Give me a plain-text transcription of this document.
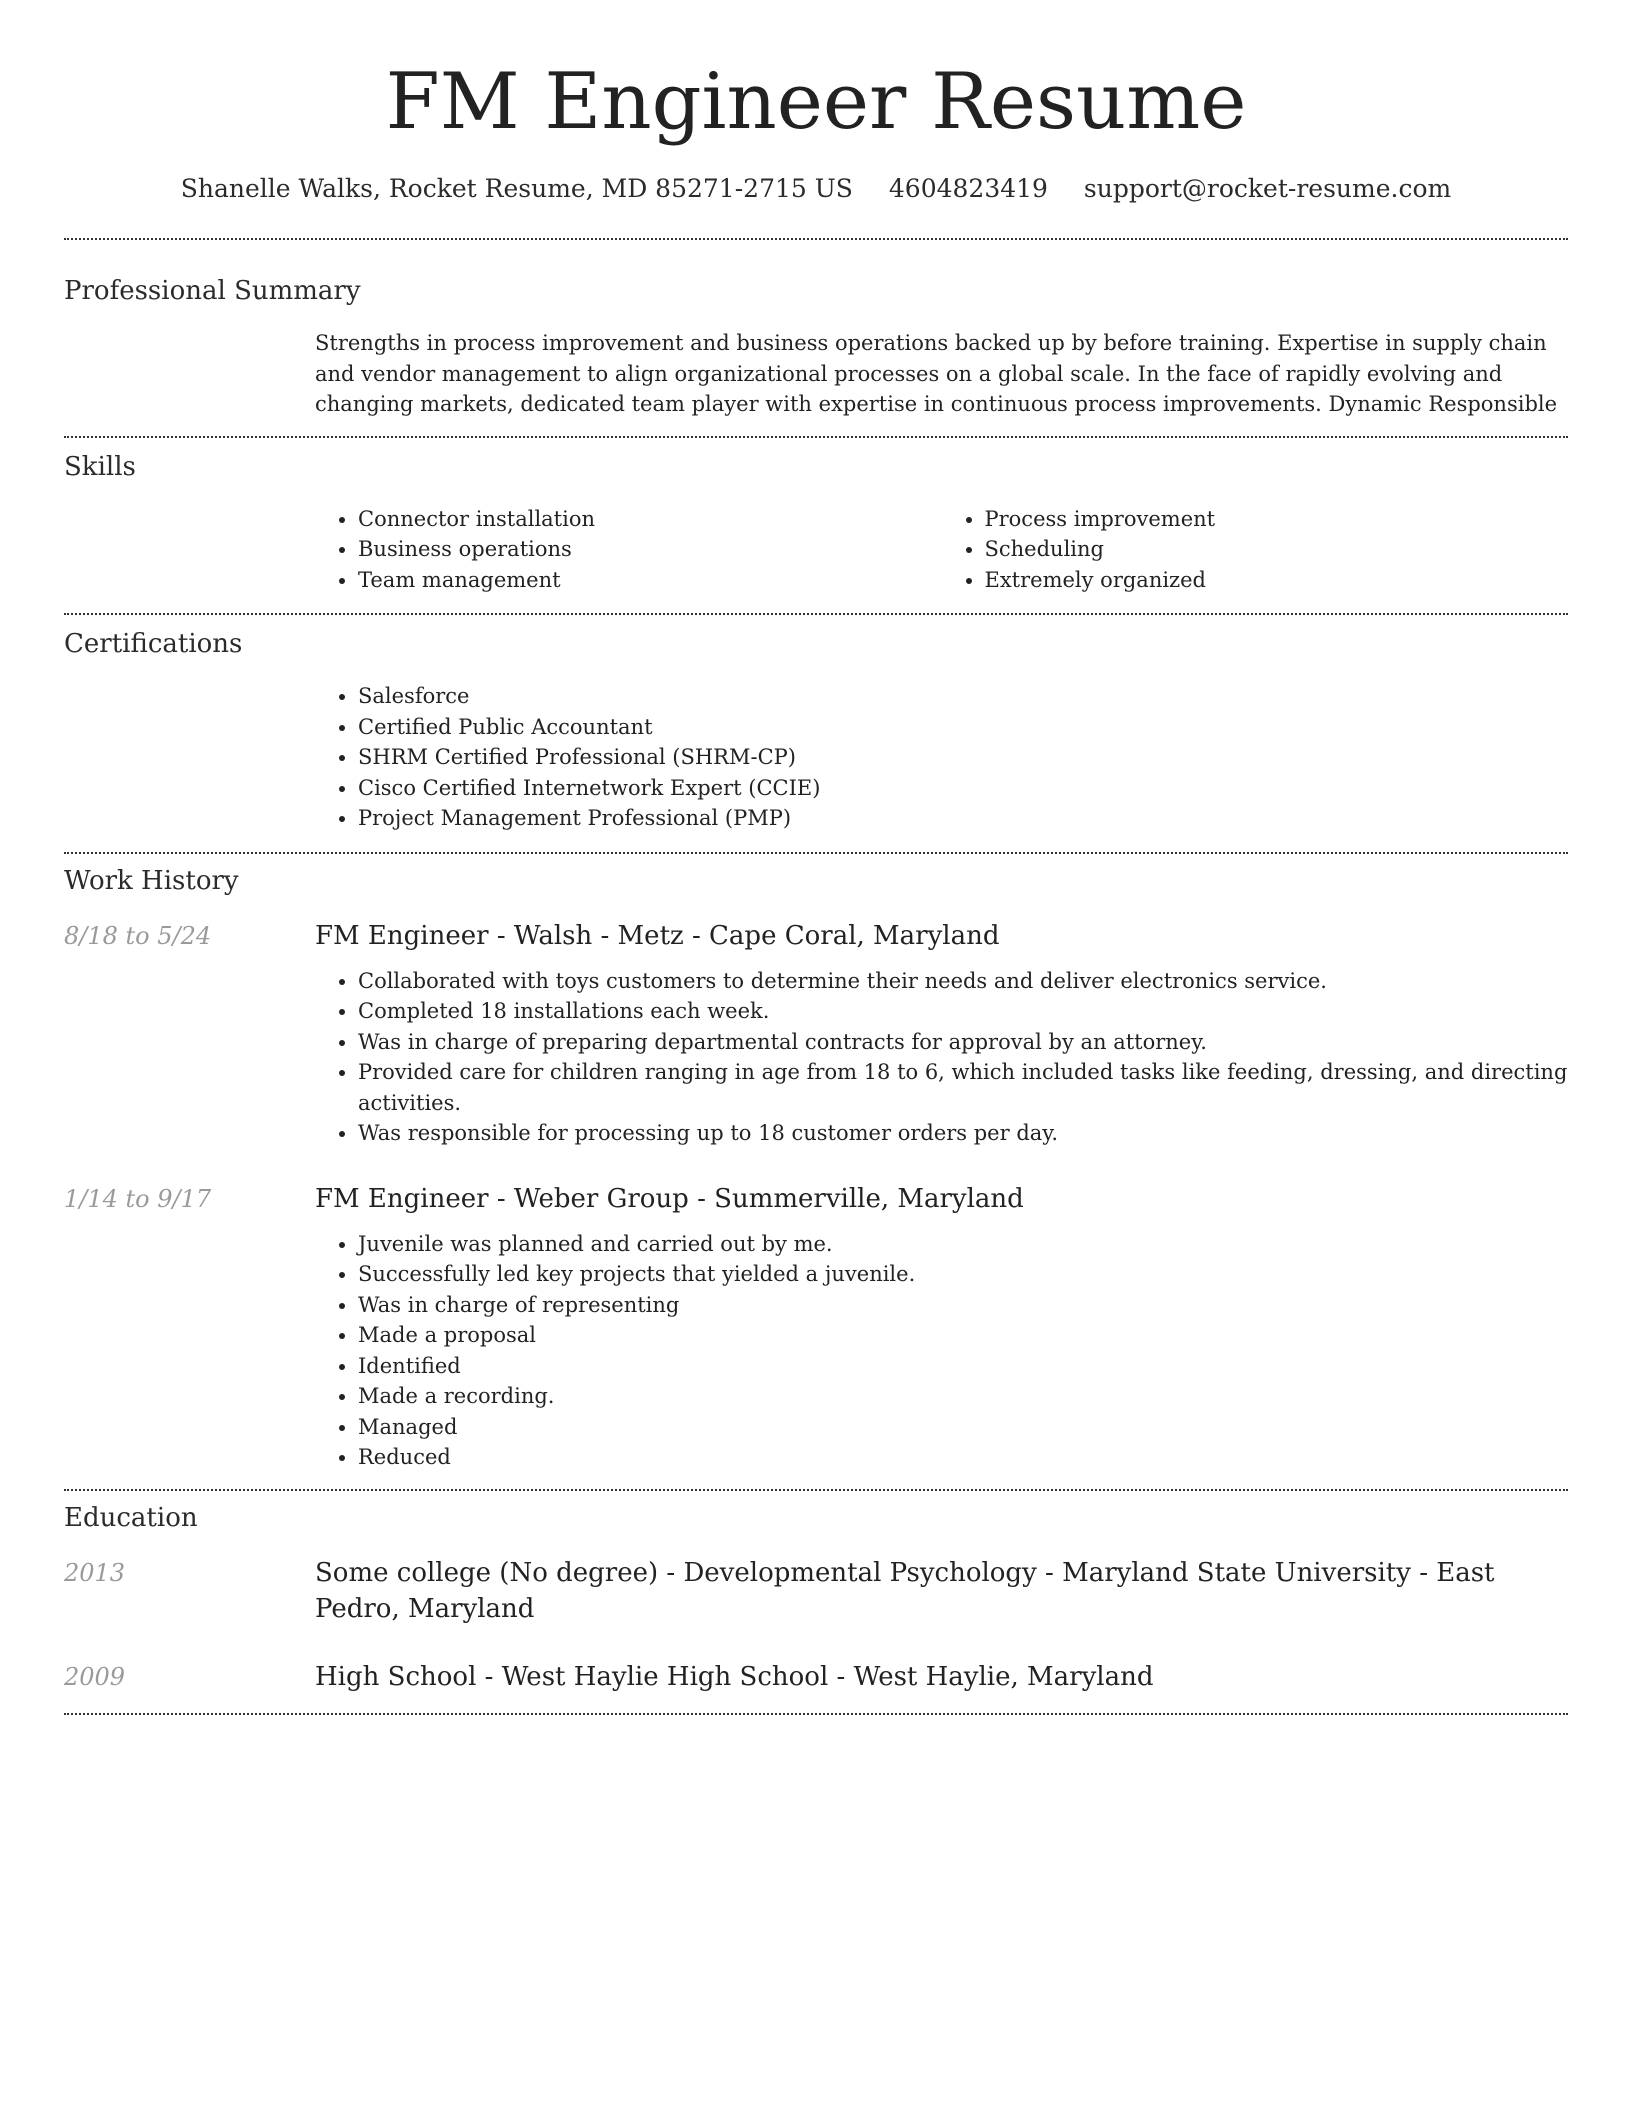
FM Engineer Resume
Shanelle Walks, Rocket Resume, MD 85271-2715 US 4604823419 support@rocket-resume.com
Professional Summary

Strengths in process improvement and business operations backed up by before training. Expertise in supply chain and vendor management to align organizational processes on a global scale. In the face of rapidly evolving and changing markets, dedicated team player with expertise in continuous process improvements. Dynamic Responsible

Skills
• Connector installation
• Business operations
• Team management
• Process improvement
• Scheduling
• Extremely organized
Certifications
• Salesforce
• Certified Public Accountant
• SHRM Certified Professional (SHRM-CP)
• Cisco Certified Internetwork Expert (CCIE)
• Project Management Professional (PMP)
Work History
8/18 to 5/24	FM Engineer - Walsh - Metz - Cape Coral, Maryland
• Collaborated with toys customers to determine their needs and deliver electronics service.
• Completed 18 installations each week.
• Was in charge of preparing departmental contracts for approval by an attorney.
• Provided care for children ranging in age from 18 to 6, which included tasks like feeding, dressing, and directing activities.
• Was responsible for processing up to 18 customer orders per day.
1/14 to 9/17	FM Engineer - Weber Group - Summerville, Maryland
• Juvenile was planned and carried out by me.
• Successfully led key projects that yielded a juvenile.
• Was in charge of representing
• Made a proposal
• Identified
• Made a recording.
• Managed
• Reduced
Education
2013	Some college (No degree) - Developmental Psychology - Maryland State University - East Pedro, Maryland
2009	High School - West Haylie High School - West Haylie, Maryland
